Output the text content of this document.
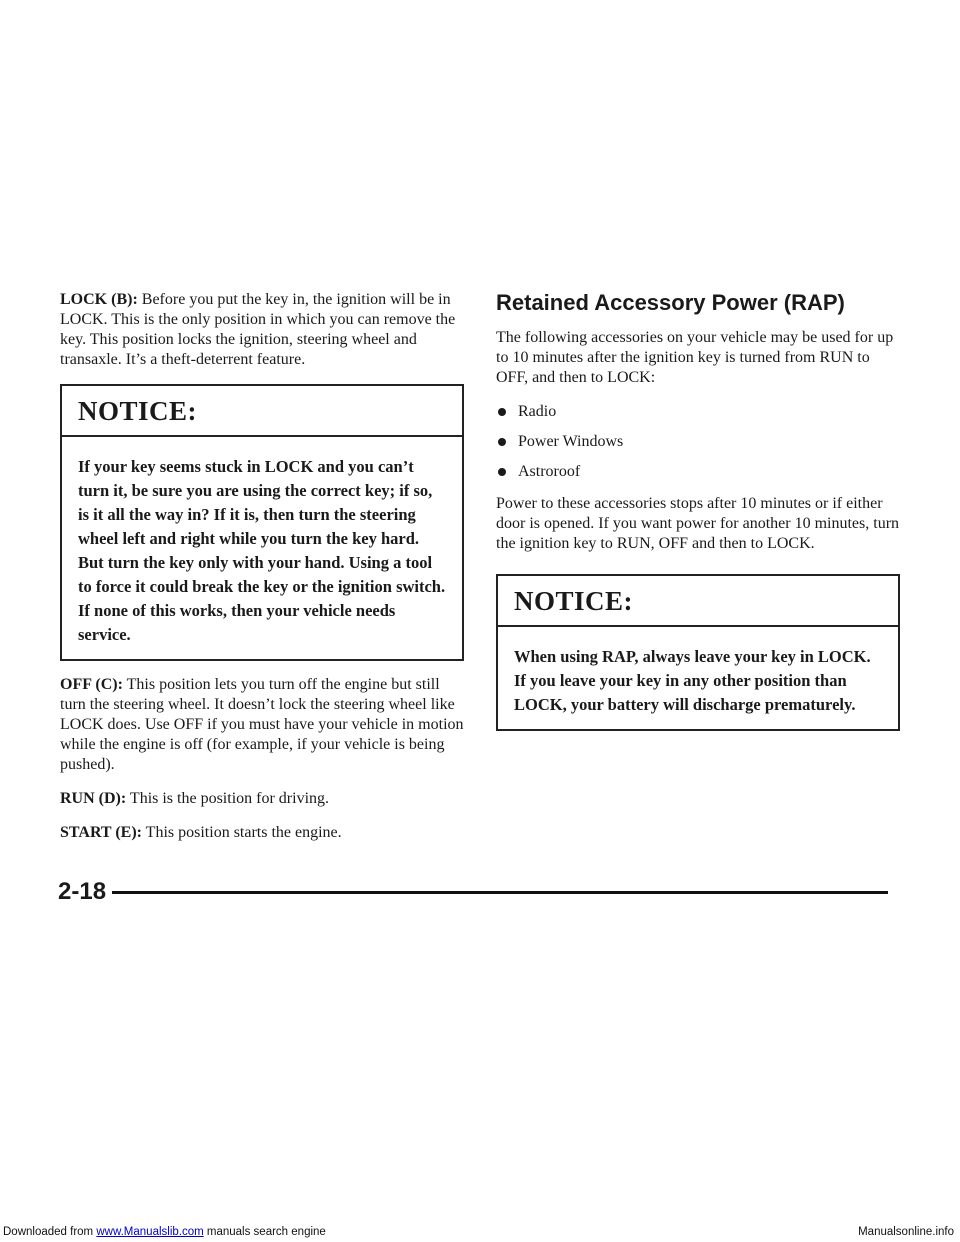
LOCK (B): Before you put the key in, the ignition will be in LOCK. This is the only position in which you can remove the key. This position locks the ignition, steering wheel and transaxle. It’s a theft-deterrent feature.

NOTICE:
If your key seems stuck in LOCK and you can’t turn it, be sure you are using the correct key; if so, is it all the way in? If it is, then turn the steering wheel left and right while you turn the key hard. But turn the key only with your hand. Using a tool to force it could break the key or the ignition switch. If none of this works, then your vehicle needs service.

OFF (C): This position lets you turn off the engine but still turn the steering wheel. It doesn’t lock the steering wheel like LOCK does. Use OFF if you must have your vehicle in motion while the engine is off (for example, if your vehicle is being pushed).

RUN (D): This is the position for driving.

START (E): This position starts the engine.

Retained Accessory Power (RAP)

The following accessories on your vehicle may be used for up to 10 minutes after the ignition key is turned from RUN to OFF, and then to LOCK:

Radio
Power Windows
Astroroof

Power to these accessories stops after 10 minutes or if either door is opened. If you want power for another 10 minutes, turn the ignition key to RUN, OFF and then to LOCK.

NOTICE:
When using RAP, always leave your key in LOCK. If you leave your key in any other position than LOCK, your battery will discharge prematurely.
2-18
Downloaded from www.Manualslib.com manuals search engine	Manualsonline.info
